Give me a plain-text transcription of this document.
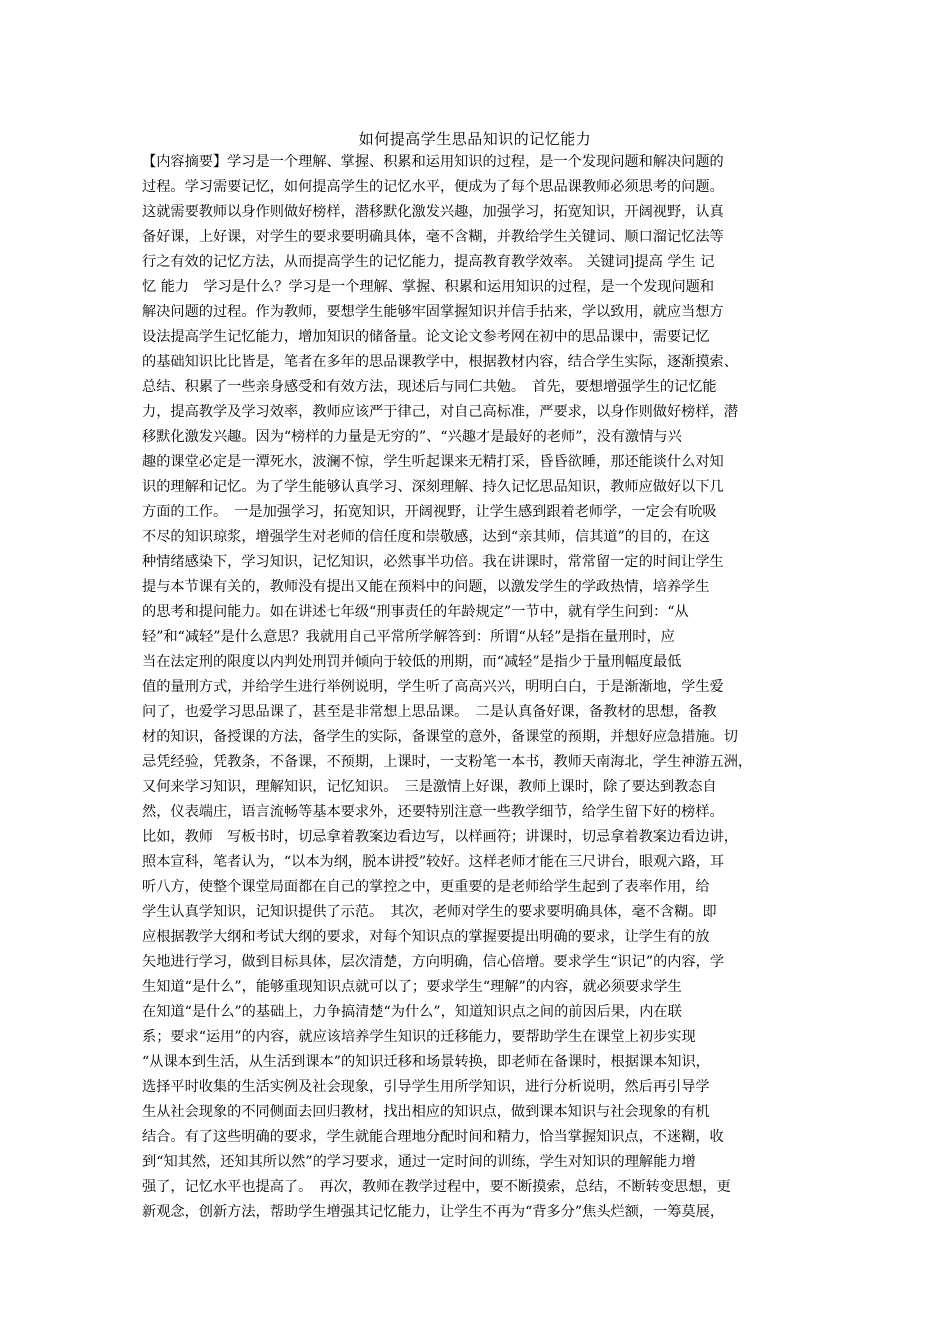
如何提高学生思品知识的记忆能力
【内容摘要】学习是一个理解、掌握、积累和运用知识的过程，是一个发现问题和解决问题的
过程。学习需要记忆，如何提高学生的记忆水平，便成为了每个思品课教师必须思考的问题。
这就需要教师以身作则做好榜样，潜移默化激发兴趣，加强学习，拓宽知识，开阔视野，认真
备好课，上好课，对学生的要求要明确具体，毫不含糊，并教给学生关键词、顺口溜记忆法等
行之有效的记忆方法，从而提高学生的记忆能力，提高教育教学效率。 关键词]提高 学生 记
忆 能力　学习是什么？学习是一个理解、掌握、积累和运用知识的过程，是一个发现问题和
解决问题的过程。作为教师，要想学生能够牢固掌握知识并信手拈来，学以致用，就应当想方
设法提高学生记忆能力，增加知识的储备量。论文论文参考网在初中的思品课中，需要记忆
的基础知识比比皆是，笔者在多年的思品课教学中，根据教材内容，结合学生实际，逐渐摸索、
总结、积累了一些亲身感受和有效方法，现述后与同仁共勉。　首先，要想增强学生的记忆能
力，提高教学及学习效率，教师应该严于律己，对自己高标准，严要求，以身作则做好榜样，潜
移默化激发兴趣。因为“榜样的力量是无穷的”、“兴趣才是最好的老师”，没有激情与兴
趣的课堂必定是一潭死水，波澜不惊，学生听起课来无精打采，昏昏欲睡，那还能谈什么对知
识的理解和记忆。为了学生能够认真学习、深刻理解、持久记忆思品知识，教师应做好以下几
方面的工作。　一是加强学习，拓宽知识，开阔视野，让学生感到跟着老师学，一定会有吮吸
不尽的知识琼浆，增强学生对老师的信任度和崇敬感，达到“亲其师，信其道”的目的，在这
种情绪感染下，学习知识，记忆知识，必然事半功倍。我在讲课时，常常留一定的时间让学生
提与本节课有关的，教师没有提出又能在预料中的问题，以激发学生的学政热情，培养学生
的思考和提问能力。如在讲述七年级“刑事责任的年龄规定”一节中，就有学生问到：“从
轻”和“减轻”是什么意思？我就用自己平常所学解答到：所谓“从轻”是指在量刑时，应
当在法定刑的限度以内判处刑罚并倾向于较低的刑期，而“减轻”是指少于量刑幅度最低
值的量刑方式，并给学生进行举例说明，学生听了高高兴兴，明明白白，于是渐渐地，学生爱
问了，也爱学习思品课了，甚至是非常想上思品课。　二是认真备好课，备教材的思想，备教
材的知识，备授课的方法，备学生的实际，备课堂的意外，备课堂的预期，并想好应急措施。切
忌凭经验，凭教条，不备课，不预期，上课时，一支粉笔一本书，教师天南海北，学生神游五洲，
又何来学习知识，理解知识，记忆知识。　三是激情上好课，教师上课时，除了要达到教态自
然，仪表端庄，语言流畅等基本要求外，还要特别注意一些教学细节，给学生留下好的榜样。
比如，教师　写板书时，切忌拿着教案边看边写，以样画符；讲课时，切忌拿着教案边看边讲，
照本宣科，笔者认为，“以本为纲，脱本讲授”较好。这样老师才能在三尺讲台，眼观六路，耳
听八方，使整个课堂局面都在自己的掌控之中，更重要的是老师给学生起到了表率作用，给
学生认真学知识，记知识提供了示范。　其次，老师对学生的要求要明确具体，毫不含糊。即
应根据教学大纲和考试大纲的要求，对每个知识点的掌握要提出明确的要求，让学生有的放
矢地进行学习，做到目标具体，层次清楚，方向明确，信心倍增。要求学生“识记”的内容，学
生知道“是什么”，能够重现知识点就可以了；要求学生“理解”的内容，就必须要求学生
在知道“是什么”的基础上，力争搞清楚“为什么”，知道知识点之间的前因后果，内在联
系；要求“运用”的内容，就应该培养学生知识的迁移能力，要帮助学生在课堂上初步实现
“从课本到生活，从生活到课本”的知识迁移和场景转换，即老师在备课时，根据课本知识，
选择平时收集的生活实例及社会现象，引导学生用所学知识，进行分析说明，然后再引导学
生从社会现象的不同侧面去回归教材，找出相应的知识点，做到课本知识与社会现象的有机
结合。有了这些明确的要求，学生就能合理地分配时间和精力，恰当掌握知识点，不迷糊，收
到“知其然，还知其所以然”的学习要求，通过一定时间的训练，学生对知识的理解能力增
强了，记忆水平也提高了。　再次，教师在教学过程中，要不断摸索，总结，不断转变思想，更
新观念，创新方法，帮助学生增强其记忆能力，让学生不再为“背多分”焦头烂额，一筹莫展，
